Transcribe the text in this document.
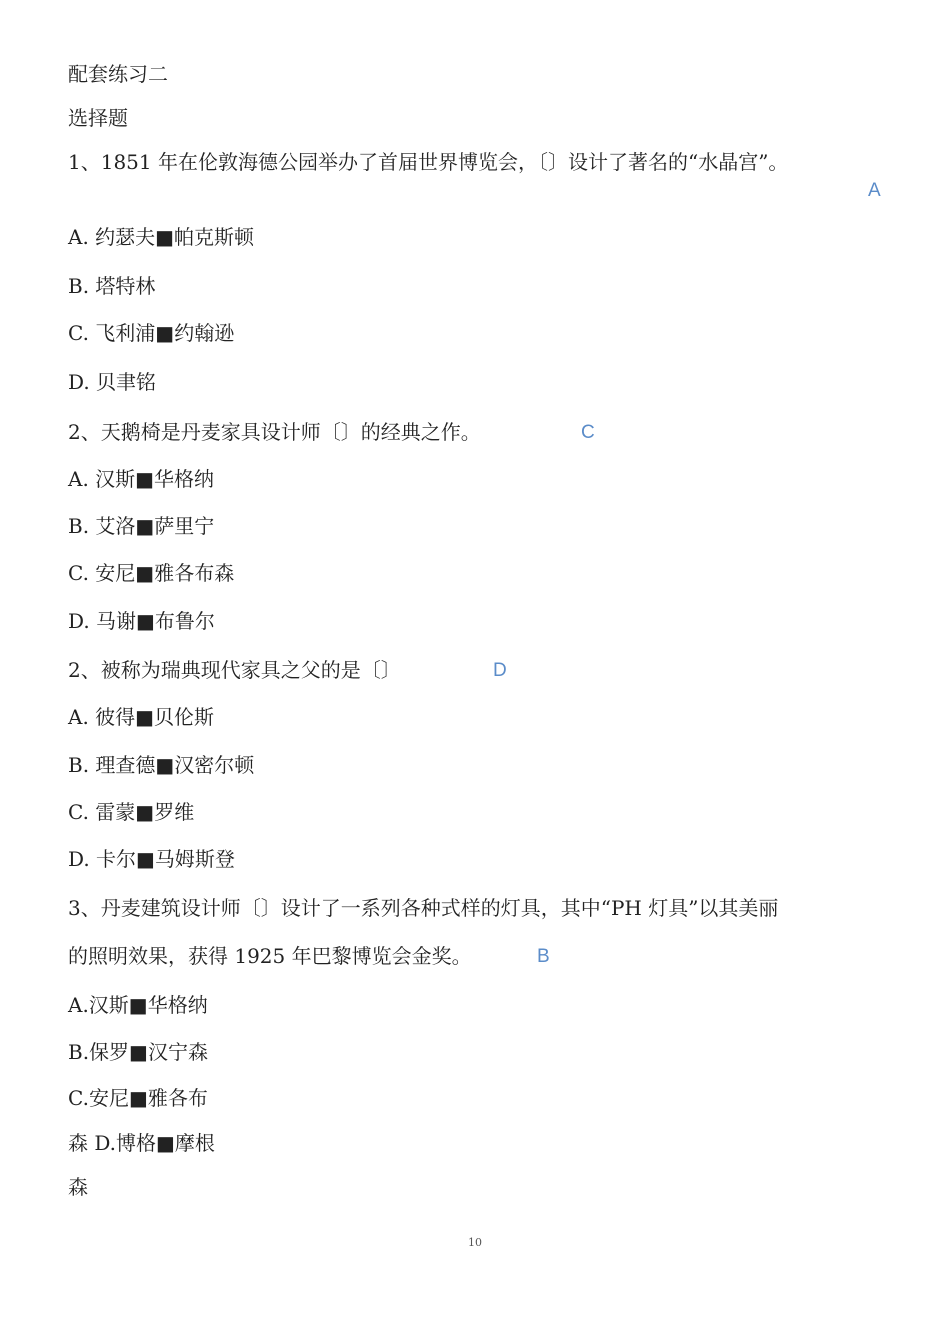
配套练习二
选择题
1、1851 年在伦敦海德公园举办了首届世界博览会，〔〕设计了著名的“水晶宫”。
A
A. 约瑟夫■帕克斯顿
B. 塔特林
C. 飞利浦■约翰逊
D. 贝聿铭
2、天鹅椅是丹麦家具设计师〔〕的经典之作。	C
A. 汉斯■华格纳
B. 艾洛■萨里宁
C. 安尼■雅各布森
D. 马谢■布鲁尔
2、被称为瑞典现代家具之父的是〔〕	D
A. 彼得■贝伦斯
B. 理查德■汉密尔顿
C. 雷蒙■罗维
D. 卡尔■马姆斯登
3、丹麦建筑设计师〔〕设计了一系列各种式样的灯具，其中“PH 灯具”以其美丽
的照明效果，获得 1925 年巴黎博览会金奖。	B
A.汉斯■华格纳
B.保罗■汉宁森
C.安尼■雅各布
森 D.博格■摩根
森
10
